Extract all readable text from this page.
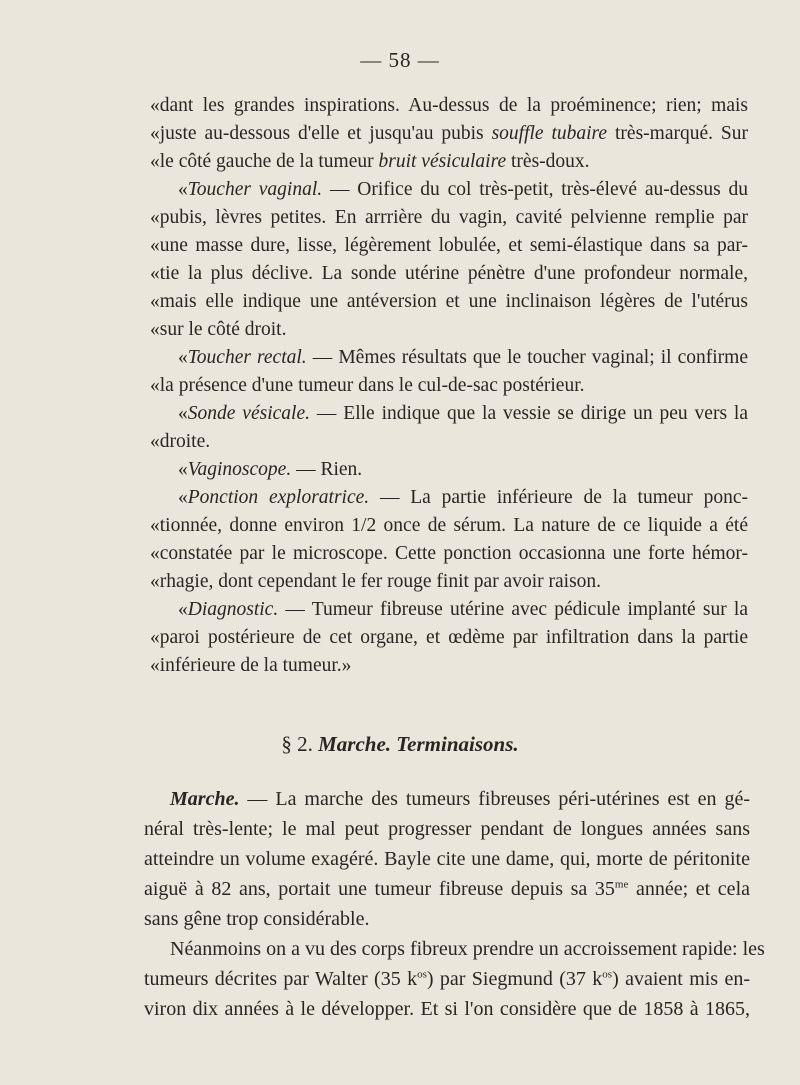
— 58 —
«dant les grandes inspirations. Au-dessus de la proéminence; rien; mais
«juste au-dessous d'elle et jusqu'au pubis souffle tubaire très-marqué. Sur
«le côté gauche de la tumeur bruit vésiculaire très-doux.
«Toucher vaginal. — Orifice du col très-petit, très-élevé au-dessus du
«pubis, lèvres petites. En arrrière du vagin, cavité pelvienne remplie par
«une masse dure, lisse, légèrement lobulée, et semi-élastique dans sa par-
«tie la plus déclive. La sonde utérine pénètre d'une profondeur normale,
«mais elle indique une antéversion et une inclinaison légères de l'utérus
«sur le côté droit.
«Toucher rectal. — Mêmes résultats que le toucher vaginal; il confirme
«la présence d'une tumeur dans le cul-de-sac postérieur.
«Sonde vésicale. — Elle indique que la vessie se dirige un peu vers la
«droite.
«Vaginoscope. — Rien.
«Ponction exploratrice. — La partie inférieure de la tumeur ponc-
«tionnée, donne environ 1/2 once de sérum. La nature de ce liquide a été
«constatée par le microscope. Cette ponction occasionna une forte hémor-
«rhagie, dont cependant le fer rouge finit par avoir raison.
«Diagnostic. — Tumeur fibreuse utérine avec pédicule implanté sur la
«paroi postérieure de cet organe, et œdème par infiltration dans la partie
«inférieure de la tumeur.»
§ 2. Marche. Terminaisons.
Marche. — La marche des tumeurs fibreuses péri-utérines est en gé-
néral très-lente; le mal peut progresser pendant de longues années sans
atteindre un volume exagéré. Bayle cite une dame, qui, morte de péritonite
aiguë à 82 ans, portait une tumeur fibreuse depuis sa $35^{me}$ année; et cela
sans gêne trop considérable.
Néanmoins on a vu des corps fibreux prendre un accroissement rapide: les
tumeurs décrites par Walter (35 $k^{os}$) par Siegmund (37 $k^{os}$) avaient mis en-
viron dix années à le développer. Et si l'on considère que de 1858 à 1865,
